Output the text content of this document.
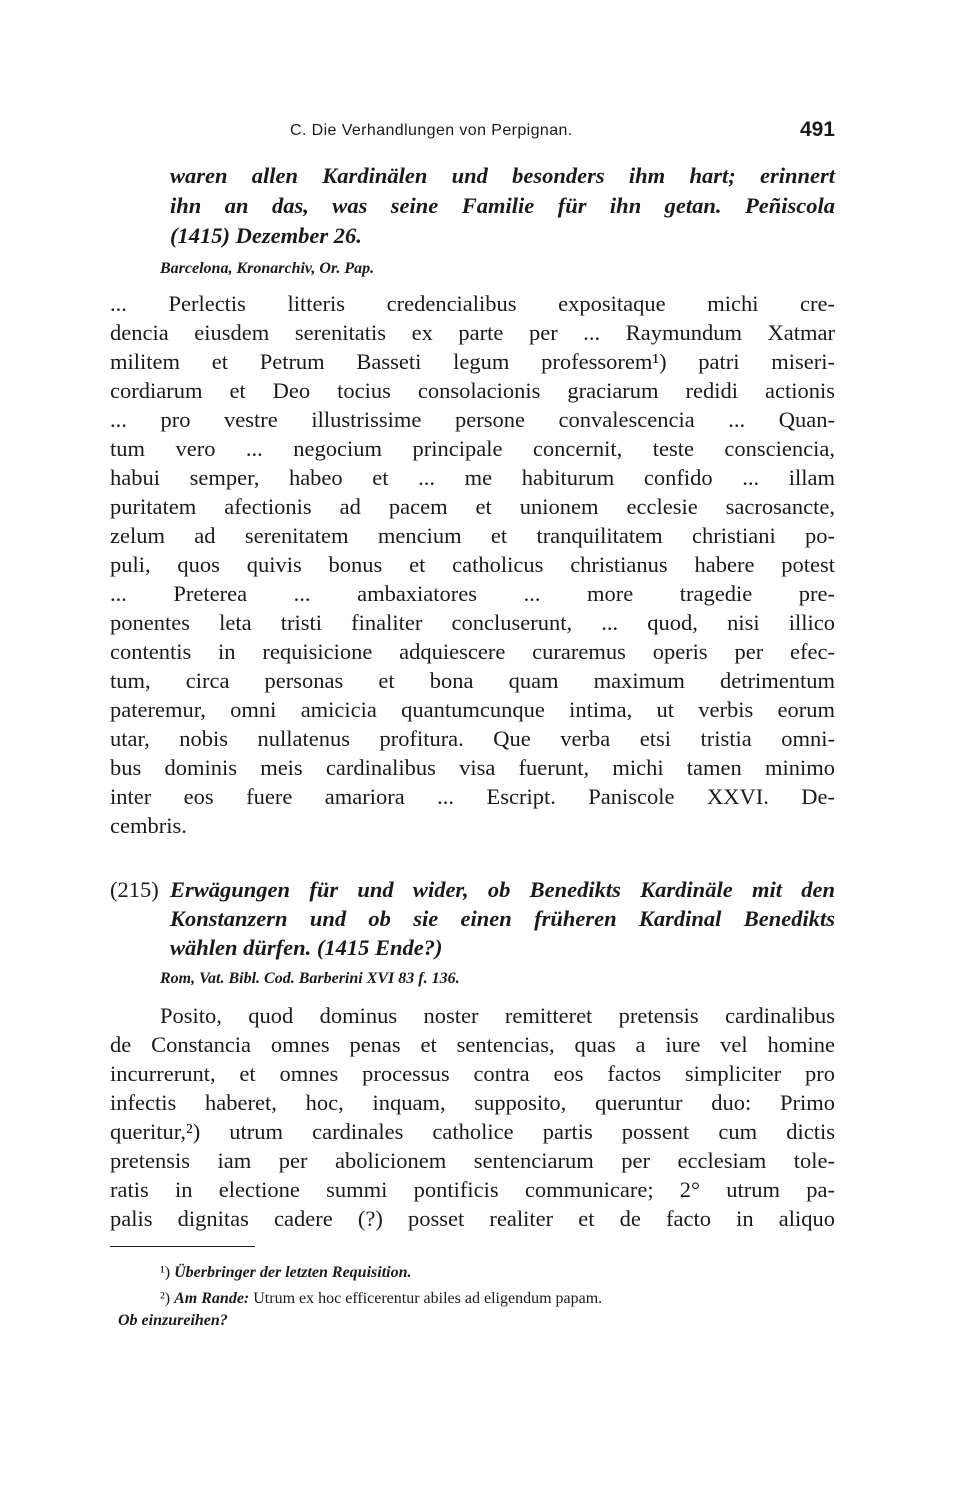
C. Die Verhandlungen von Perpignan.	491
waren allen Kardinälen und besonders ihm hart; erinnert
ihn an das, was seine Familie für ihn getan. Peñiscola
(1415) Dezember 26.
Barcelona, Kronarchiv, Or. Pap.
... Perlectis litteris credencialibus expositaque michi cre-
dencia eiusdem serenitatis ex parte per ... Raymundum Xatmar
militem et Petrum Basseti legum professorem¹) patri miseri-
cordiarum et Deo tocius consolacionis graciarum redidi actionis
... pro vestre illustrissime persone convalescencia ... Quan-
tum vero ... negocium principale concernit, teste consciencia,
habui semper, habeo et ... me habiturum confido ... illam
puritatem afectionis ad pacem et unionem ecclesie sacrosancte,
zelum ad serenitatem mencium et tranquilitatem christiani po-
puli, quos quivis bonus et catholicus christianus habere potest
... Preterea ... ambaxiatores ... more tragedie pre-
ponentes leta tristi finaliter concluserunt, ... quod, nisi illico
contentis in requisicione adquiescere curaremus operis per efec-
tum, circa personas et bona quam maximum detrimentum
pateremur, omni amicicia quantumcunque intima, ut verbis eorum
utar, nobis nullatenus profitura. Que verba etsi tristia omni-
bus dominis meis cardinalibus visa fuerunt, michi tamen minimo
inter eos fuere amariora ... Escript. Paniscole XXVI. De-
cembris.
(215) Erwägungen für und wider, ob Benedikts Kardinäle mit den
Konstanzern und ob sie einen früheren Kardinal Benedikts
wählen dürfen. (1415 Ende?)
Rom, Vat. Bibl. Cod. Barberini XVI 83 f. 136.
Posito, quod dominus noster remitteret pretensis cardinalibus
de Constancia omnes penas et sentencias, quas a iure vel homine
incurrerunt, et omnes processus contra eos factos simpliciter pro
infectis haberet, hoc, inquam, supposito, queruntur duo: Primo
queritur,²) utrum cardinales catholice partis possent cum dictis
pretensis iam per abolicionem sentenciarum per ecclesiam tole-
ratis in electione summi pontificis communicare; 2° utrum pa-
palis dignitas cadere (?) posset realiter et de facto in aliquo
¹) Überbringer der letzten Requisition.
²) Am Rande: Utrum ex hoc efficerentur abiles ad eligendum papam.
Ob einzureihen?
